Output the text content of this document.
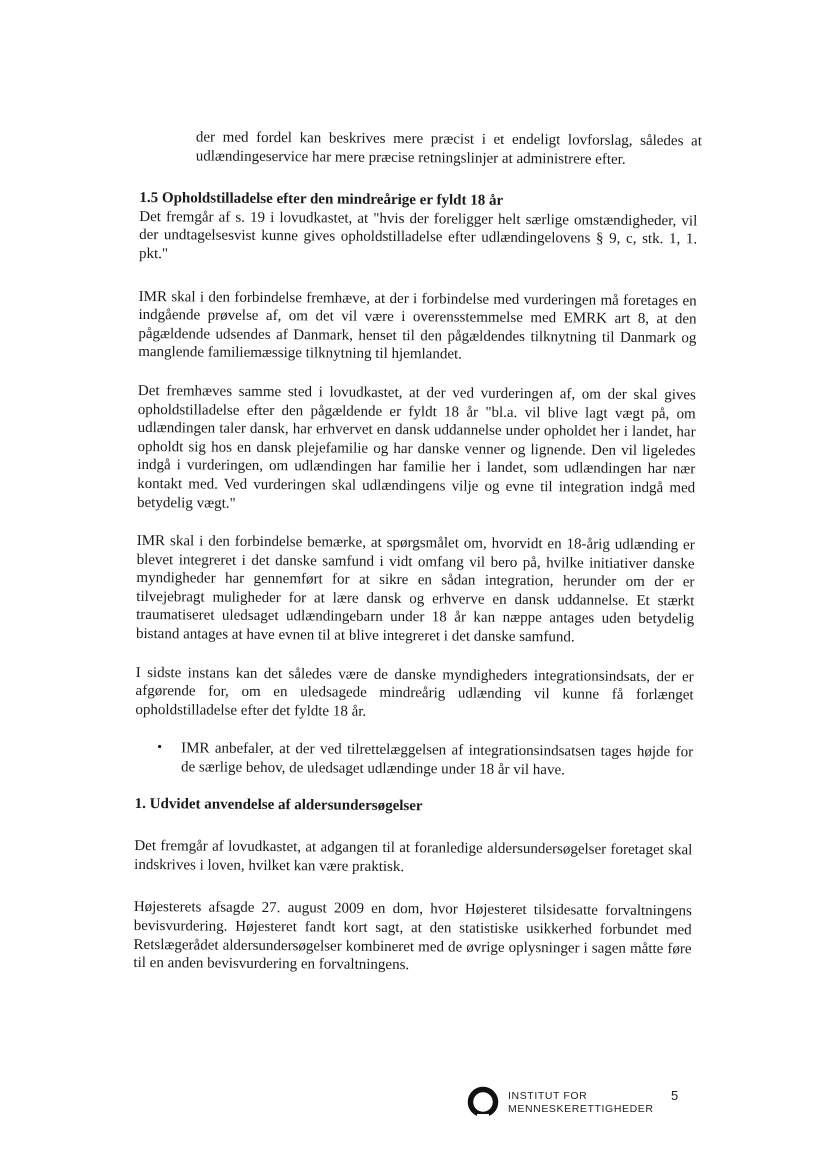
der med fordel kan beskrives mere præcist i et endeligt lovforslag, således at udlændingeservice har mere præcise retningslinjer at administrere efter.

1.5 Opholdstilladelse efter den mindreårige er fyldt 18 år

Det fremgår af s. 19 i lovudkastet, at "hvis der foreligger helt særlige omstændigheder, vil der undtagelsesvist kunne gives opholdstilladelse efter udlændingelovens § 9, c, stk. 1, 1. pkt."

IMR skal i den forbindelse fremhæve, at der i forbindelse med vurderingen må foretages en indgående prøvelse af, om det vil være i overensstemmelse med EMRK art 8, at den pågældende udsendes af Danmark, henset til den pågældendes tilknytning til Danmark og manglende familiemæssige tilknytning til hjemlandet.

Det fremhæves samme sted i lovudkastet, at der ved vurderingen af, om der skal gives opholdstilladelse efter den pågældende er fyldt 18 år "bl.a. vil blive lagt vægt på, om udlændingen taler dansk, har erhvervet en dansk uddannelse under opholdet her i landet, har opholdt sig hos en dansk plejefamilie og har danske venner og lignende. Den vil ligeledes indgå i vurderingen, om udlændingen har familie her i landet, som udlændingen har nær kontakt med. Ved vurderingen skal udlændingens vilje og evne til integration indgå med betydelig vægt."

IMR skal i den forbindelse bemærke, at spørgsmålet om, hvorvidt en 18-årig udlænding er blevet integreret i det danske samfund i vidt omfang vil bero på, hvilke initiativer danske myndigheder har gennemført for at sikre en sådan integration, herunder om der er tilvejebragt muligheder for at lære dansk og erhverve en dansk uddannelse. Et stærkt traumatiseret uledsaget udlændingebarn under 18 år kan næppe antages uden betydelig bistand antages at have evnen til at blive integreret i det danske samfund.

I sidste instans kan det således være de danske myndigheders integrationsindsats, der er afgørende for, om en uledsagede mindreårig udlænding vil kunne få forlænget opholdstilladelse efter det fyldte 18 år.

•	IMR anbefaler, at der ved tilrettelæggelsen af integrationsindsatsen tages højde for de særlige behov, de uledsaget udlændinge under 18 år vil have.
1. Udvidet anvendelse af aldersundersøgelser

Det fremgår af lovudkastet, at adgangen til at foranledige aldersundersøgelser foretaget skal indskrives i loven, hvilket kan være praktisk.

Højesterets afsagde 27. august 2009 en dom, hvor Højesteret tilsidesatte forvaltningens bevisvurdering. Højesteret fandt kort sagt, at den statistiske usikkerhed forbundet med Retslægerådet aldersundersøgelser kombineret med de øvrige oplysninger i sagen måtte føre til en anden bevisvurdering en forvaltningens.

INSTITUT FOR
MENNESKERETTIGHEDER
5
